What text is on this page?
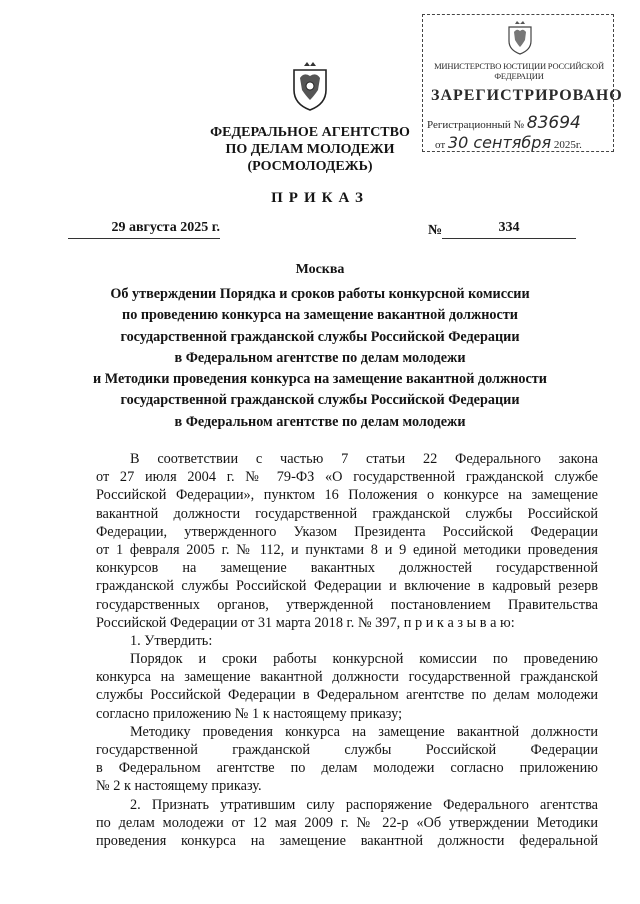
МИНИСТЕРСТВО ЮСТИЦИИ РОССИЙСКОЙ ФЕДЕРАЦИИ
ЗАРЕГИСТРИРОВАНО
Регистрационный № 83694
от 30 сентября 2025г.
ФЕДЕРАЛЬНОЕ АГЕНТСТВО
ПО ДЕЛАМ МОЛОДЕЖИ
(РОСМОЛОДЕЖЬ)
ПРИКАЗ
29 августа 2025 г.	№	334
Москва
Об утверждении Порядка и сроков работы конкурсной комиссии
по проведению конкурса на замещение вакантной должности
государственной гражданской службы Российской Федерации
в Федеральном агентстве по делам молодежи
и Методики проведения конкурса на замещение вакантной должности
государственной гражданской службы Российской Федерации
в Федеральном агентстве по делам молодежи
В соответствии с частью 7 статьи 22 Федерального закона
от 27 июля 2004 г. № 79-ФЗ «О государственной гражданской службе
Российской Федерации», пунктом 16 Положения о конкурсе на замещение
вакантной должности государственной гражданской службы Российской
Федерации, утвержденного Указом Президента Российской Федерации
от 1 февраля 2005 г. № 112, и пунктами 8 и 9 единой методики проведения
конкурсов на замещение вакантных должностей государственной
гражданской службы Российской Федерации и включение в кадровый резерв
государственных органов, утвержденной постановлением Правительства
Российской Федерации от 31 марта 2018 г. № 397, п р и к а з ы в а ю:
1. Утвердить:
Порядок и сроки работы конкурсной комиссии по проведению
конкурса на замещение вакантной должности государственной гражданской
службы Российской Федерации в Федеральном агентстве по делам молодежи
согласно приложению № 1 к настоящему приказу;
Методику проведения конкурса на замещение вакантной должности
государственной гражданской службы Российской Федерации
в Федеральном агентстве по делам молодежи согласно приложению
№ 2 к настоящему приказу.
2. Признать утратившим силу распоряжение Федерального агентства
по делам молодежи от 12 мая 2009 г. № 22-р «Об утверждении Методики
проведения конкурса на замещение вакантной должности федеральной
